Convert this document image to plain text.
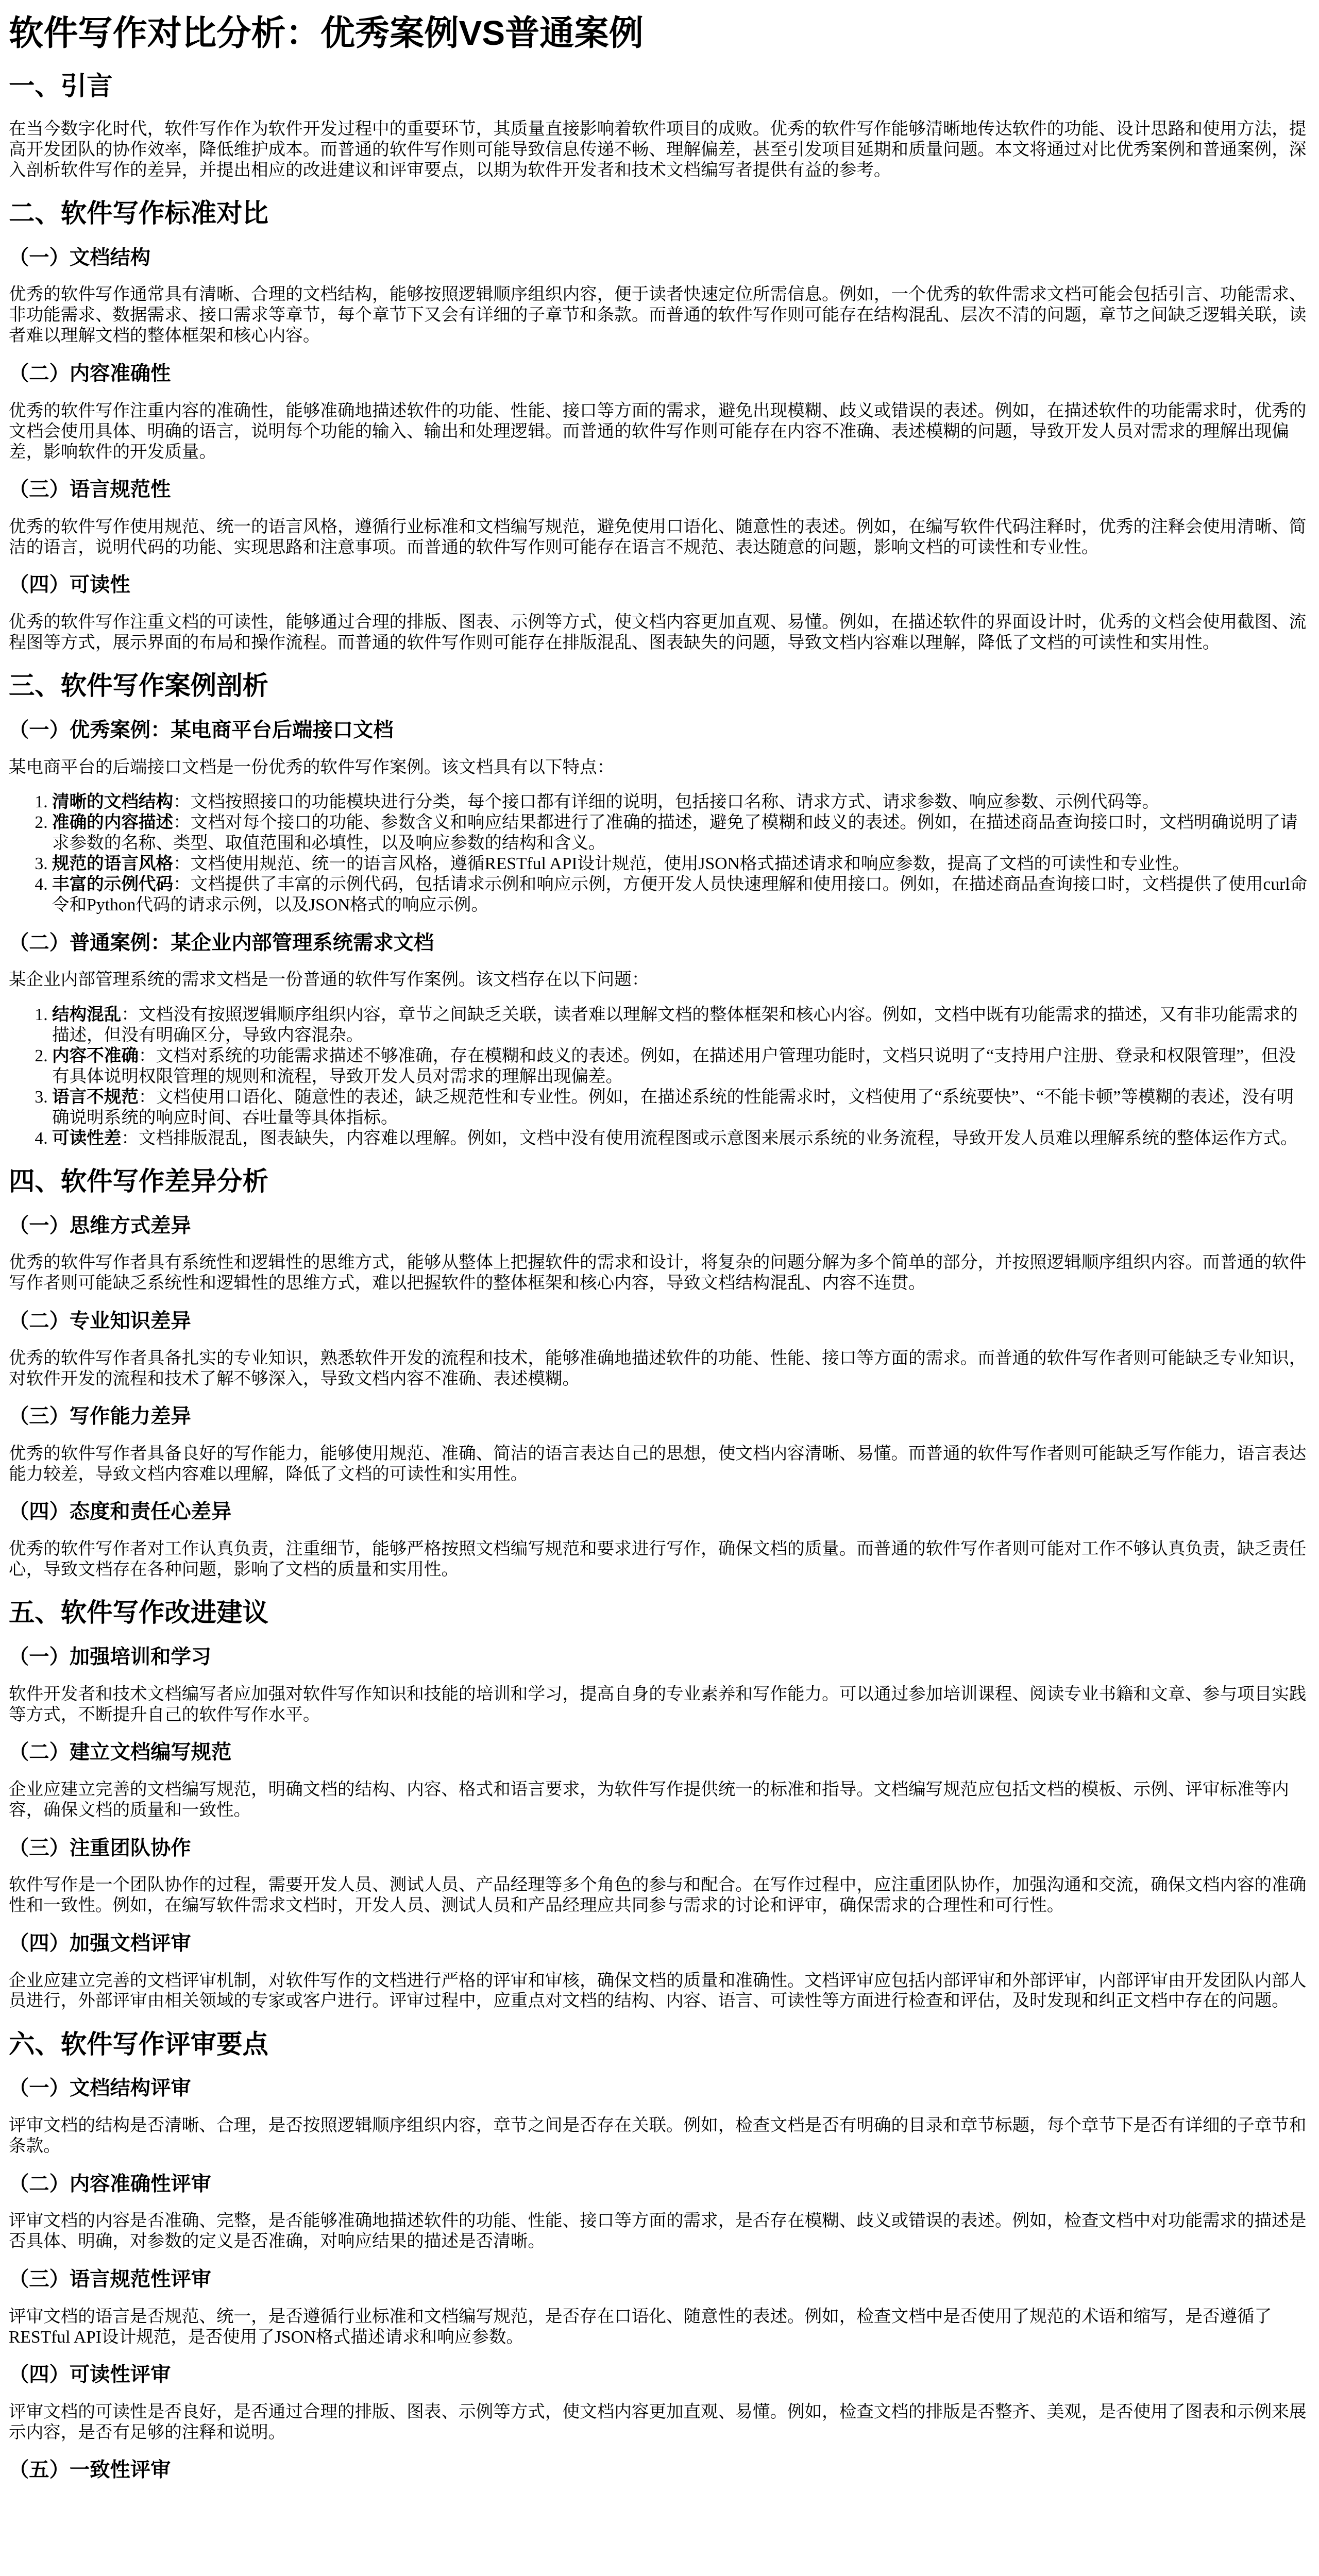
软件写作对比分析：优秀案例VS普通案例
一、引言

在当今数字化时代，软件写作作为软件开发过程中的重要环节，其质量直接影响着软件项目的成败。优秀的软件写作能够清晰地传达软件的功能、设计思路和使用方法，提高开发团队的协作效率，降低维护成本。而普通的软件写作则可能导致信息传递不畅、理解偏差，甚至引发项目延期和质量问题。本文将通过对比优秀案例和普通案例，深入剖析软件写作的差异，并提出相应的改进建议和评审要点，以期为软件开发者和技术文档编写者提供有益的参考。

二、软件写作标准对比
（一）文档结构

优秀的软件写作通常具有清晰、合理的文档结构，能够按照逻辑顺序组织内容，便于读者快速定位所需信息。例如，一个优秀的软件需求文档可能会包括引言、功能需求、非功能需求、数据需求、接口需求等章节，每个章节下又会有详细的子章节和条款。而普通的软件写作则可能存在结构混乱、层次不清的问题，章节之间缺乏逻辑关联，读者难以理解文档的整体框架和核心内容。

（二）内容准确性

优秀的软件写作注重内容的准确性，能够准确地描述软件的功能、性能、接口等方面的需求，避免出现模糊、歧义或错误的表述。例如，在描述软件的功能需求时，优秀的文档会使用具体、明确的语言，说明每个功能的输入、输出和处理逻辑。而普通的软件写作则可能存在内容不准确、表述模糊的问题，导致开发人员对需求的理解出现偏差，影响软件的开发质量。

（三）语言规范性

优秀的软件写作使用规范、统一的语言风格，遵循行业标准和文档编写规范，避免使用口语化、随意性的表述。例如，在编写软件代码注释时，优秀的注释会使用清晰、简洁的语言，说明代码的功能、实现思路和注意事项。而普通的软件写作则可能存在语言不规范、表达随意的问题，影响文档的可读性和专业性。

（四）可读性

优秀的软件写作注重文档的可读性，能够通过合理的排版、图表、示例等方式，使文档内容更加直观、易懂。例如，在描述软件的界面设计时，优秀的文档会使用截图、流程图等方式，展示界面的布局和操作流程。而普通的软件写作则可能存在排版混乱、图表缺失的问题，导致文档内容难以理解，降低了文档的可读性和实用性。

三、软件写作案例剖析
（一）优秀案例：某电商平台后端接口文档

某电商平台的后端接口文档是一份优秀的软件写作案例。该文档具有以下特点：

1. 清晰的文档结构：文档按照接口的功能模块进行分类，每个接口都有详细的说明，包括接口名称、请求方式、请求参数、响应参数、示例代码等。
2. 准确的内容描述：文档对每个接口的功能、参数含义和响应结果都进行了准确的描述，避免了模糊和歧义的表述。例如，在描述商品查询接口时，文档明确说明了请求参数的名称、类型、取值范围和必填性，以及响应参数的结构和含义。
3. 规范的语言风格：文档使用规范、统一的语言风格，遵循RESTful API设计规范，使用JSON格式描述请求和响应参数，提高了文档的可读性和专业性。
4. 丰富的示例代码：文档提供了丰富的示例代码，包括请求示例和响应示例，方便开发人员快速理解和使用接口。例如，在描述商品查询接口时，文档提供了使用curl命令和Python代码的请求示例，以及JSON格式的响应示例。
（二）普通案例：某企业内部管理系统需求文档

某企业内部管理系统的需求文档是一份普通的软件写作案例。该文档存在以下问题：

1. 结构混乱：文档没有按照逻辑顺序组织内容，章节之间缺乏关联，读者难以理解文档的整体框架和核心内容。例如，文档中既有功能需求的描述，又有非功能需求的描述，但没有明确区分，导致内容混杂。
2. 内容不准确：文档对系统的功能需求描述不够准确，存在模糊和歧义的表述。例如，在描述用户管理功能时，文档只说明了“支持用户注册、登录和权限管理”，但没有具体说明权限管理的规则和流程，导致开发人员对需求的理解出现偏差。
3. 语言不规范：文档使用口语化、随意性的表述，缺乏规范性和专业性。例如，在描述系统的性能需求时，文档使用了“系统要快”、“不能卡顿”等模糊的表述，没有明确说明系统的响应时间、吞吐量等具体指标。
4. 可读性差：文档排版混乱，图表缺失，内容难以理解。例如，文档中没有使用流程图或示意图来展示系统的业务流程，导致开发人员难以理解系统的整体运作方式。
四、软件写作差异分析
（一）思维方式差异

优秀的软件写作者具有系统性和逻辑性的思维方式，能够从整体上把握软件的需求和设计，将复杂的问题分解为多个简单的部分，并按照逻辑顺序组织内容。而普通的软件写作者则可能缺乏系统性和逻辑性的思维方式，难以把握软件的整体框架和核心内容，导致文档结构混乱、内容不连贯。

（二）专业知识差异

优秀的软件写作者具备扎实的专业知识，熟悉软件开发的流程和技术，能够准确地描述软件的功能、性能、接口等方面的需求。而普通的软件写作者则可能缺乏专业知识，对软件开发的流程和技术了解不够深入，导致文档内容不准确、表述模糊。

（三）写作能力差异

优秀的软件写作者具备良好的写作能力，能够使用规范、准确、简洁的语言表达自己的思想，使文档内容清晰、易懂。而普通的软件写作者则可能缺乏写作能力，语言表达能力较差，导致文档内容难以理解，降低了文档的可读性和实用性。

（四）态度和责任心差异

优秀的软件写作者对工作认真负责，注重细节，能够严格按照文档编写规范和要求进行写作，确保文档的质量。而普通的软件写作者则可能对工作不够认真负责，缺乏责任心，导致文档存在各种问题，影响了文档的质量和实用性。

五、软件写作改进建议
（一）加强培训和学习

软件开发者和技术文档编写者应加强对软件写作知识和技能的培训和学习，提高自身的专业素养和写作能力。可以通过参加培训课程、阅读专业书籍和文章、参与项目实践等方式，不断提升自己的软件写作水平。

（二）建立文档编写规范

企业应建立完善的文档编写规范，明确文档的结构、内容、格式和语言要求，为软件写作提供统一的标准和指导。文档编写规范应包括文档的模板、示例、评审标准等内容，确保文档的质量和一致性。

（三）注重团队协作

软件写作是一个团队协作的过程，需要开发人员、测试人员、产品经理等多个角色的参与和配合。在写作过程中，应注重团队协作，加强沟通和交流，确保文档内容的准确性和一致性。例如，在编写软件需求文档时，开发人员、测试人员和产品经理应共同参与需求的讨论和评审，确保需求的合理性和可行性。

（四）加强文档评审

企业应建立完善的文档评审机制，对软件写作的文档进行严格的评审和审核，确保文档的质量和准确性。文档评审应包括内部评审和外部评审，内部评审由开发团队内部人员进行，外部评审由相关领域的专家或客户进行。评审过程中，应重点对文档的结构、内容、语言、可读性等方面进行检查和评估，及时发现和纠正文档中存在的问题。

六、软件写作评审要点
（一）文档结构评审

评审文档的结构是否清晰、合理，是否按照逻辑顺序组织内容，章节之间是否存在关联。例如，检查文档是否有明确的目录和章节标题，每个章节下是否有详细的子章节和条款。

（二）内容准确性评审

评审文档的内容是否准确、完整，是否能够准确地描述软件的功能、性能、接口等方面的需求，是否存在模糊、歧义或错误的表述。例如，检查文档中对功能需求的描述是否具体、明确，对参数的定义是否准确，对响应结果的描述是否清晰。

（三）语言规范性评审

评审文档的语言是否规范、统一，是否遵循行业标准和文档编写规范，是否存在口语化、随意性的表述。例如，检查文档中是否使用了规范的术语和缩写，是否遵循了RESTful API设计规范，是否使用了JSON格式描述请求和响应参数。

（四）可读性评审

评审文档的可读性是否良好，是否通过合理的排版、图表、示例等方式，使文档内容更加直观、易懂。例如，检查文档的排版是否整齐、美观，是否使用了图表和示例来展示内容，是否有足够的注释和说明。

（五）一致性评审
